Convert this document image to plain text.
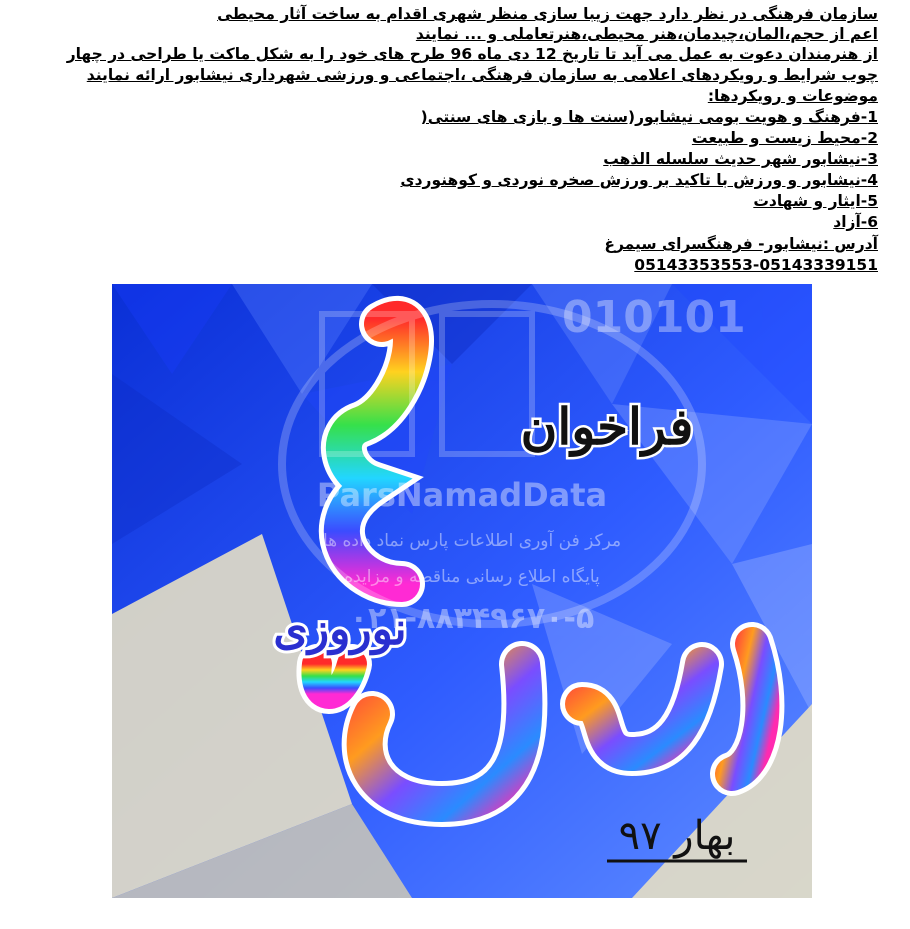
سازمان فرهنگی در نظر دارد جهت زیبا سازی منظر شهری اقدام به ساخت آثار محیطی
اعم از حجم،المان،چیدمان،هنر محیطی،هنرتعاملی و ... نمایند
از هنرمندان دعوت به عمل می آید تا تاریخ 12 دی ماه 96 طرح های خود را به شکل ماکت یا طراحی در چهار
چوب شرایط و رویکردهای اعلامی به سازمان فرهنگی ،اجتماعی و ورزشی شهرداری نیشابور ارائه نمایند
موضوعات و رویکردها:
1-فرهنگ و هویت بومی نیشابور(سنت ها و بازی های سنتی(
2-محیط زیست و طبیعت
3-نیشابور شهر حدیث سلسله الذهب
4-نیشابور و ورزش با تاکید بر ورزش صخره نوردی و کوهنوردی
5-ایثار و شهادت
6-آزاد
آدرس :نیشابور- فرهنگسرای سیمرغ
05143353553-05143339151
010101
ParsNamadData
مرکز فن آوری اطلاعات پارس نماد داده ها
پایگاه اطلاع رسانی مناقصه و مزایده
۰۲۱-۸۸۳۴۹۶۷۰-۵
فراخوان
نوروزی
بهار ۹۷
